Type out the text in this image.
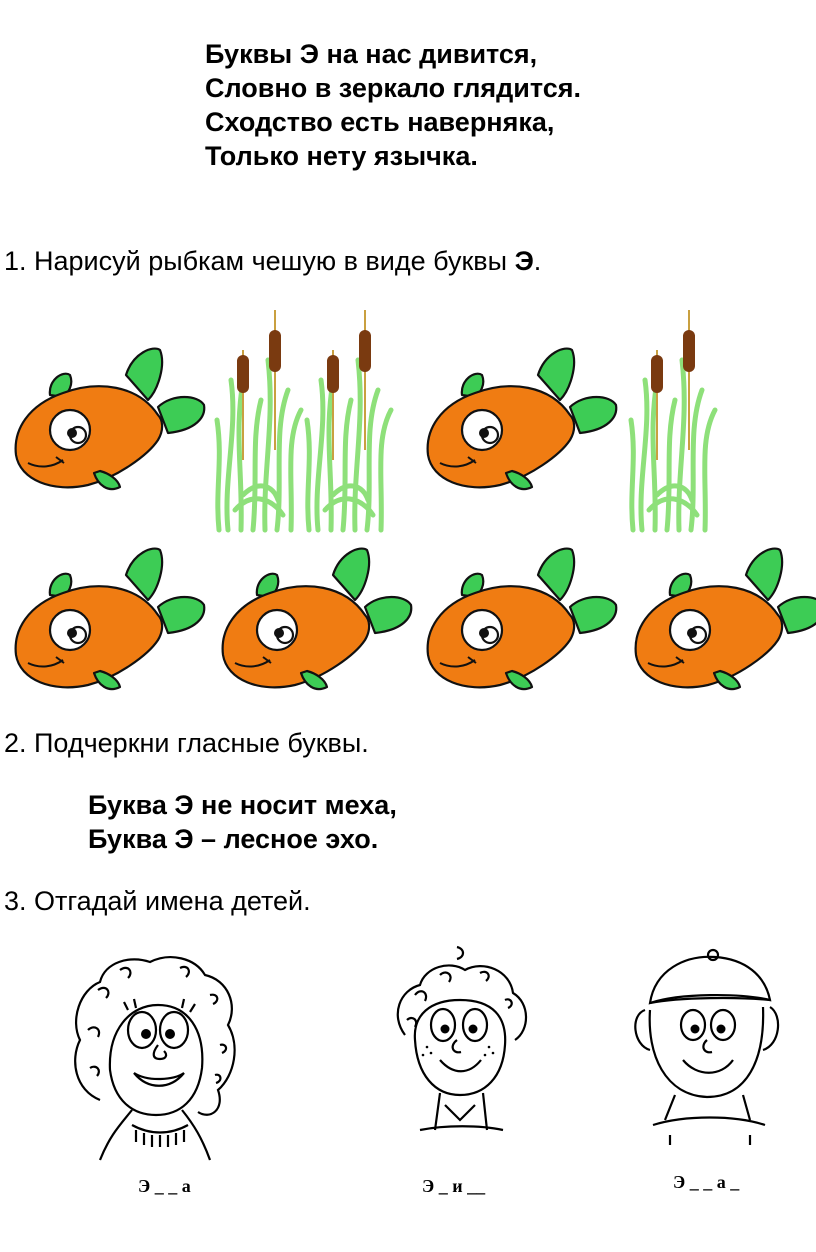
Буквы Э на нас дивится,
Словно в зеркало глядится.
Сходство есть наверняка,
Только нету язычка.
1. Нарисуй рыбкам чешую в виде буквы Э.
2. Подчеркни гласные буквы.
Буква Э не носит меха,
Буква Э – лесное эхо.
3. Отгадай имена детей.
Э _ _ а	Э _ и __	Э _ _ а _
